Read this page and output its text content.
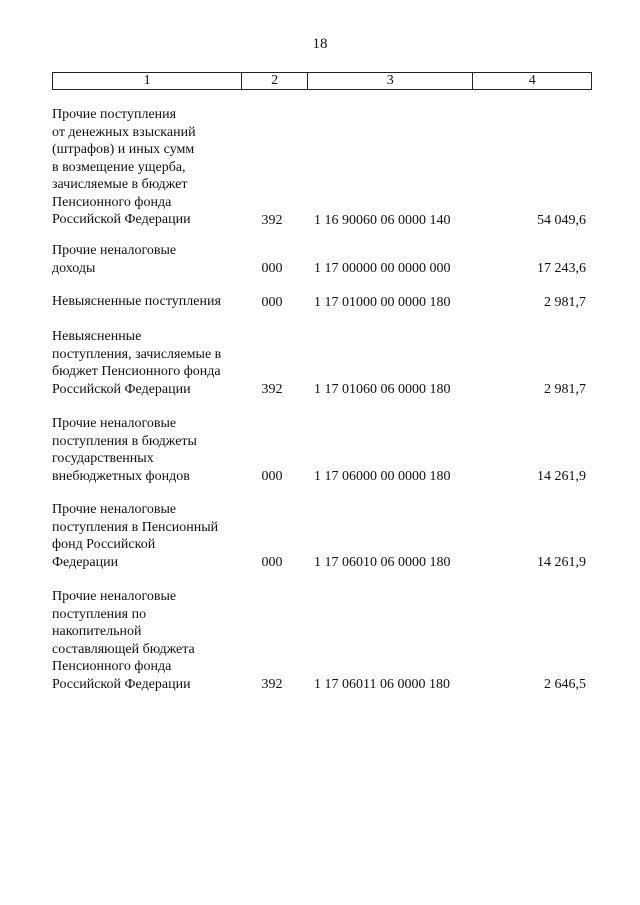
18
1	2	3	4
Прочие поступления
от денежных взысканий
(штрафов) и иных сумм
в возмещение ущерба,
зачисляемые в бюджет
Пенсионного фонда
Российской Федерации	392	1 16 90060 06 0000 140	54 049,6
Прочие неналоговые
доходы	000	1 17 00000 00 0000 000	17 243,6
Невыясненные поступления	000	1 17 01000 00 0000 180	2 981,7
Невыясненные
поступления, зачисляемые в
бюджет Пенсионного фонда
Российской Федерации	392	1 17 01060 06 0000 180	2 981,7
Прочие неналоговые
поступления в бюджеты
государственных
внебюджетных фондов	000	1 17 06000 00 0000 180	14 261,9
Прочие неналоговые
поступления в Пенсионный
фонд Российской
Федерации	000	1 17 06010 06 0000 180	14 261,9
Прочие неналоговые
поступления по
накопительной
составляющей бюджета
Пенсионного фонда
Российской Федерации	392	1 17 06011 06 0000 180	2 646,5
